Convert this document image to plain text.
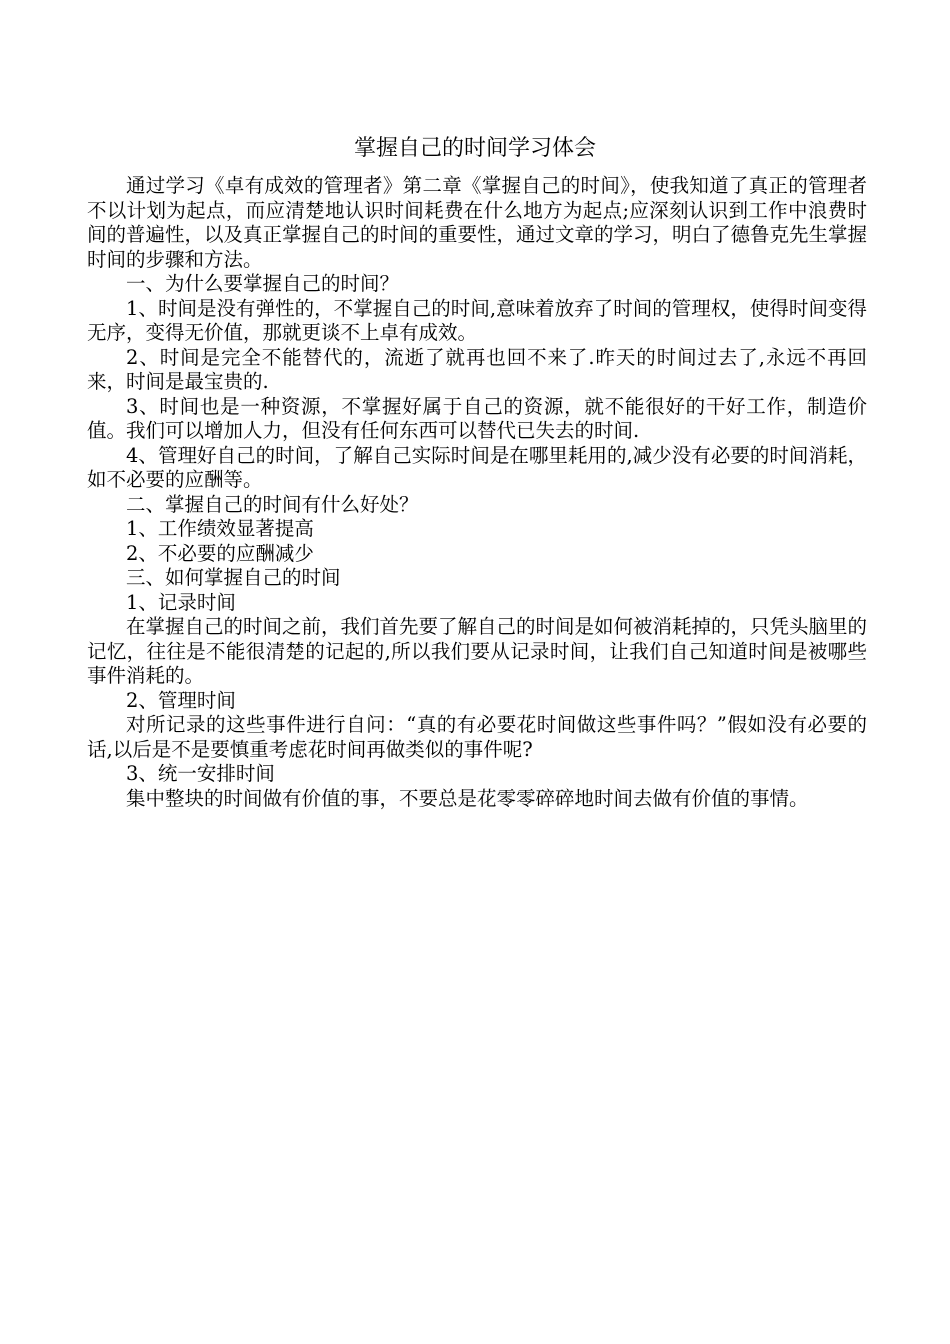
掌握自己的时间学习体会

通过学习《卓有成效的管理者》第二章《掌握自己的时间》，使我知道了真正的管理者不以计划为起点，而应清楚地认识时间耗费在什么地方为起点;应深刻认识到工作中浪费时间的普遍性，以及真正掌握自己的时间的重要性，通过文章的学习，明白了德鲁克先生掌握时间的步骤和方法。

一、为什么要掌握自己的时间？

1、时间是没有弹性的，不掌握自己的时间,意味着放弃了时间的管理权，使得时间变得无序，变得无价值，那就更谈不上卓有成效。

2、时间是完全不能替代的，流逝了就再也回不来了.昨天的时间过去了,永远不再回来，时间是最宝贵的.

3、时间也是一种资源，不掌握好属于自己的资源，就不能很好的干好工作，制造价值。我们可以增加人力，但没有任何东西可以替代已失去的时间.

4、管理好自己的时间，了解自己实际时间是在哪里耗用的,减少没有必要的时间消耗，如不必要的应酬等。

二、掌握自己的时间有什么好处？

1、工作绩效显著提高

2、不必要的应酬减少

三、如何掌握自己的时间

1、记录时间

在掌握自己的时间之前，我们首先要了解自己的时间是如何被消耗掉的，只凭头脑里的记忆，往往是不能很清楚的记起的,所以我们要从记录时间，让我们自己知道时间是被哪些事件消耗的。

2、管理时间

对所记录的这些事件进行自问：“真的有必要花时间做这些事件吗？”假如没有必要的话,以后是不是要慎重考虑花时间再做类似的事件呢?

3、统一安排时间

集中整块的时间做有价值的事，不要总是花零零碎碎地时间去做有价值的事情。
